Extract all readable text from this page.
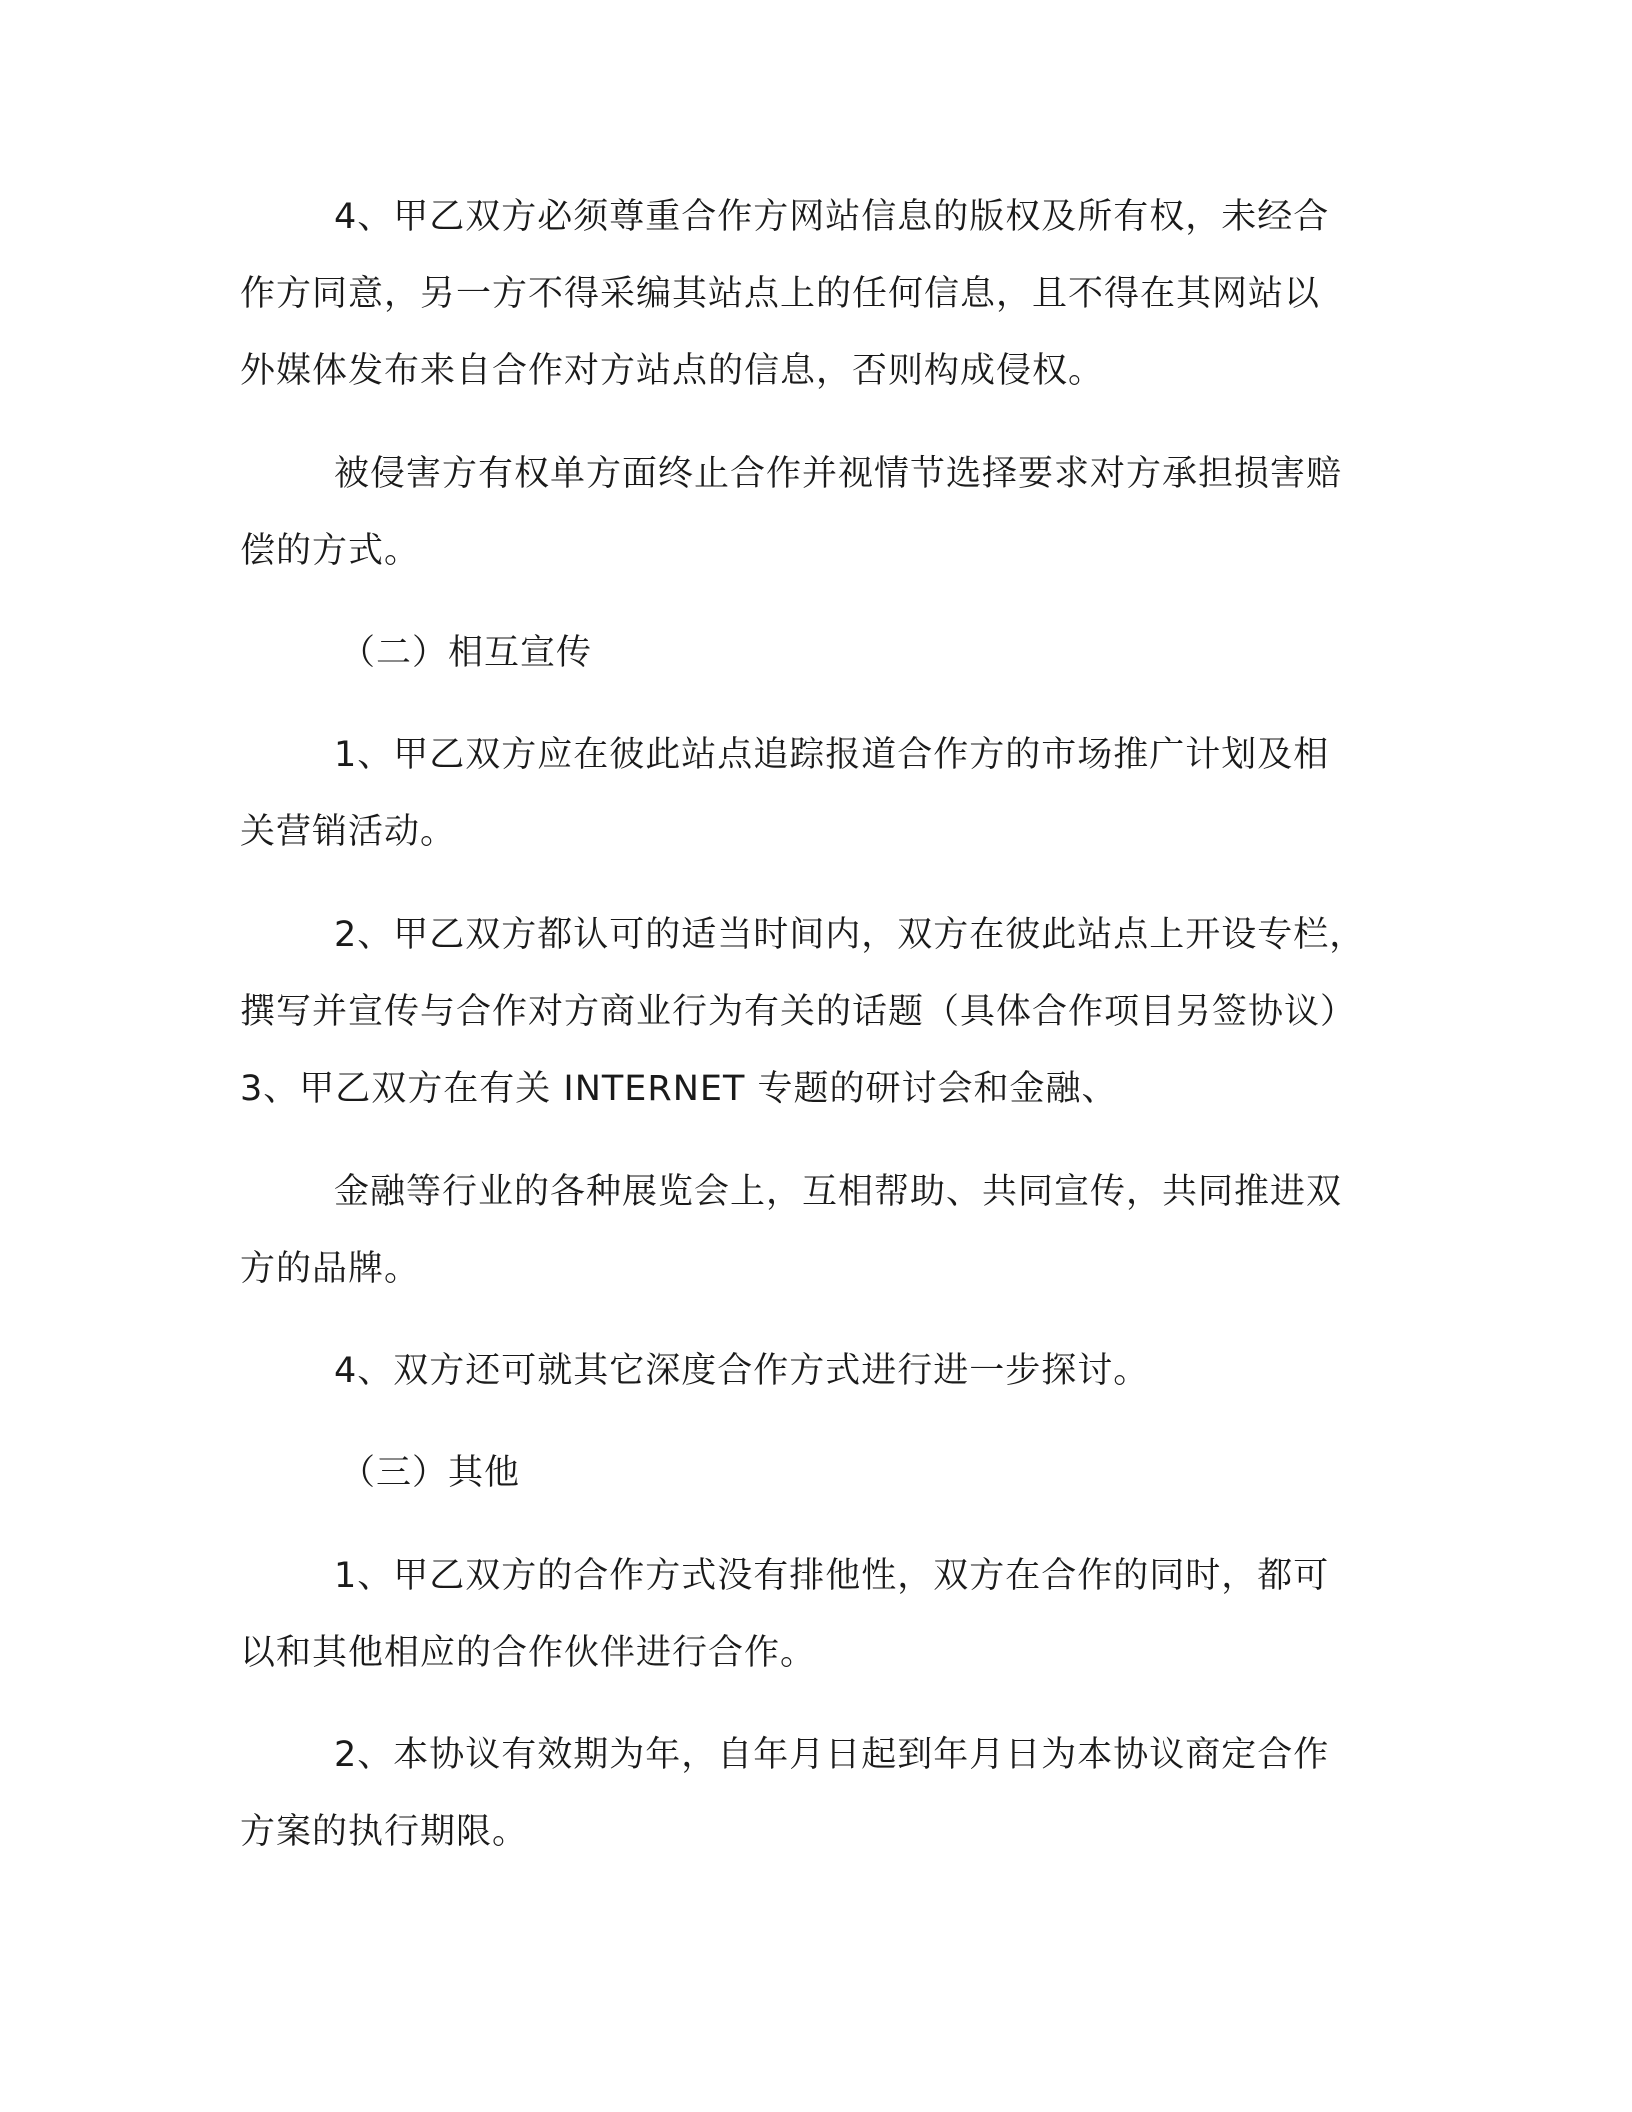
4、甲乙双方必须尊重合作方网站信息的版权及所有权，未经合
作方同意，另一方不得采编其站点上的任何信息，且不得在其网站以
外媒体发布来自合作对方站点的信息，否则构成侵权。
被侵害方有权单方面终止合作并视情节选择要求对方承担损害赔
偿的方式。
（二）相互宣传
1、甲乙双方应在彼此站点追踪报道合作方的市场推广计划及相
关营销活动。
2、甲乙双方都认可的适当时间内，双方在彼此站点上开设专栏，
撰写并宣传与合作对方商业行为有关的话题（具体合作项目另签协议）
3、甲乙双方在有关 INTERNET 专题的研讨会和金融、
金融等行业的各种展览会上，互相帮助、共同宣传，共同推进双
方的品牌。
4、双方还可就其它深度合作方式进行进一步探讨。
（三）其他
1、甲乙双方的合作方式没有排他性，双方在合作的同时，都可
以和其他相应的合作伙伴进行合作。
2、本协议有效期为年，自年月日起到年月日为本协议商定合作
方案的执行期限。
